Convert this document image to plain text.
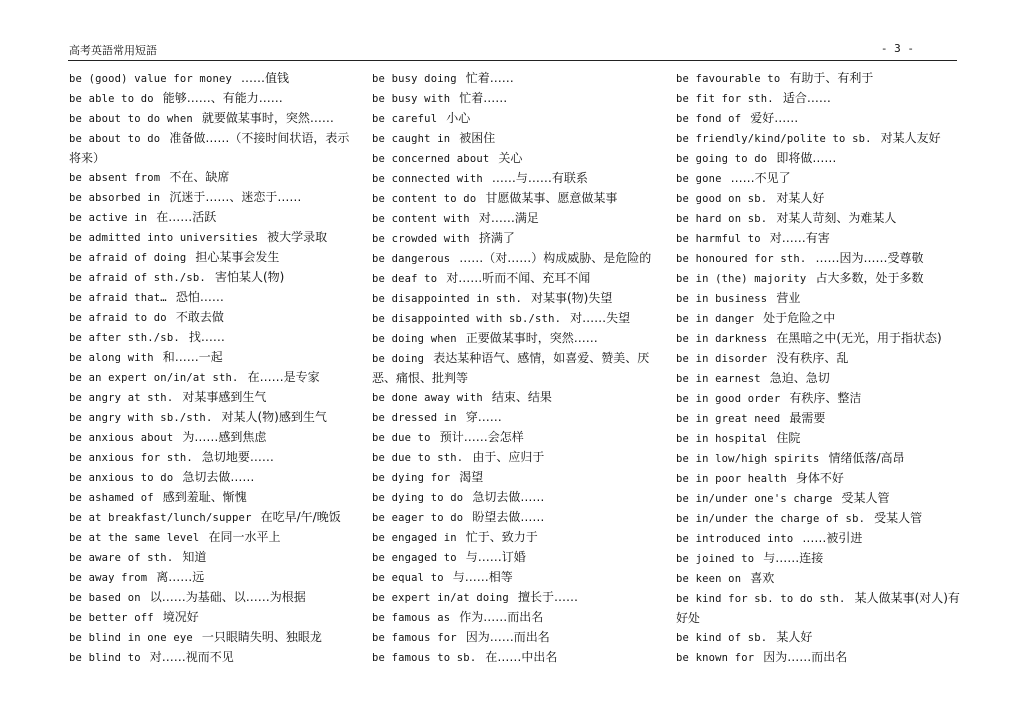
高考英語常用短語	- 3 -
be (good) value for money ……值钱
be able to do 能够……、有能力……
be about to do when 就要做某事时，突然……
be about to do 准备做……（不接时间状语，表示将来）
be absent from 不在、缺席
be absorbed in 沉迷于……、迷恋于……
be active in 在……活跃
be admitted into universities 被大学录取
be afraid of doing 担心某事会发生
be afraid of sth./sb. 害怕某人(物)
be afraid that… 恐怕……
be afraid to do 不敢去做
be after sth./sb. 找……
be along with 和……一起
be an expert on/in/at sth. 在……是专家
be angry at sth. 对某事感到生气
be angry with sb./sth. 对某人(物)感到生气
be anxious about 为……感到焦虑
be anxious for sth. 急切地要……
be anxious to do 急切去做……
be ashamed of 感到羞耻、惭愧
be at breakfast/lunch/supper 在吃早/午/晚饭
be at the same level 在同一水平上
be aware of sth. 知道
be away from 离……远
be based on 以……为基础、以……为根据
be better off 境况好
be blind in one eye 一只眼睛失明、独眼龙
be blind to 对……视而不见
be busy doing 忙着……
be busy with 忙着……
be careful 小心
be caught in 被困住
be concerned about 关心
be connected with ……与……有联系
be content to do 甘愿做某事、愿意做某事
be content with 对……满足
be crowded with 挤满了
be dangerous ……（对……）构成威胁、是危险的
be deaf to 对……听而不闻、充耳不闻
be disappointed in sth. 对某事(物)失望
be disappointed with sb./sth. 对……失望
be doing when 正要做某事时，突然……
be doing 表达某种语气、感情，如喜爱、赞美、厌恶、痛恨、批判等
be done away with 结束、结果
be dressed in 穿……
be due to 预计……会怎样
be due to sth. 由于、应归于
be dying for 渴望
be dying to do 急切去做……
be eager to do 盼望去做……
be engaged in 忙于、致力于
be engaged to 与……订婚
be equal to 与……相等
be expert in/at doing 擅长于……
be famous as 作为……而出名
be famous for 因为……而出名
be famous to sb. 在……中出名
be favourable to 有助于、有利于
be fit for sth. 适合……
be fond of 爱好……
be friendly/kind/polite to sb. 对某人友好
be going to do 即将做……
be gone ……不见了
be good on sb. 对某人好
be hard on sb. 对某人苛刻、为难某人
be harmful to 对……有害
be honoured for sth. ……因为……受尊敬
be in (the) majority 占大多数，处于多数
be in business 营业
be in danger 处于危险之中
be in darkness 在黑暗之中(无光，用于指状态)
be in disorder 没有秩序、乱
be in earnest 急迫、急切
be in good order 有秩序、整洁
be in great need 最需要
be in hospital 住院
be in low/high spirits 情绪低落/高昂
be in poor health 身体不好
be in/under one's charge 受某人管
be in/under the charge of sb. 受某人管
be introduced into ……被引进
be joined to 与……连接
be keen on 喜欢
be kind for sb. to do sth. 某人做某事(对人)有好处
be kind of sb. 某人好
be known for 因为……而出名
